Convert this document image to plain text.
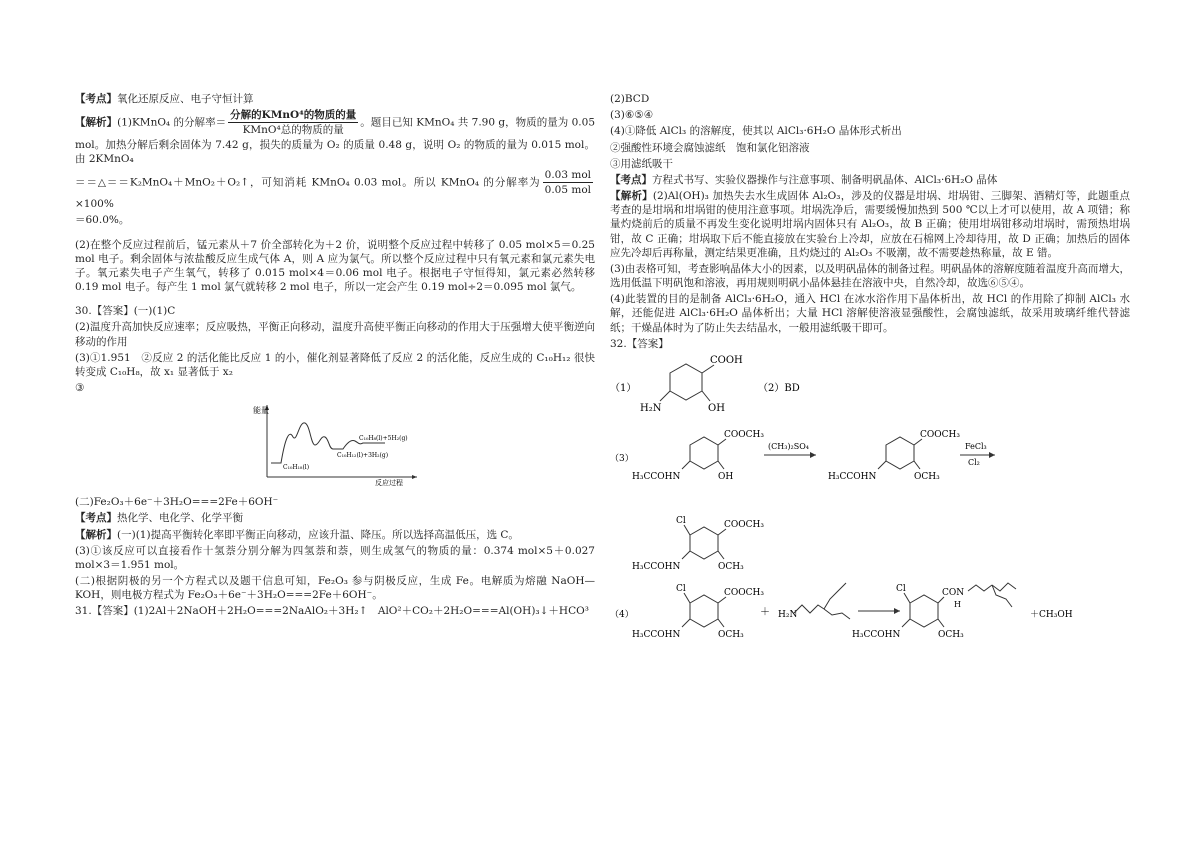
【考点】氧化还原反应、电子守恒计算

【解析】(1)KMnO₄ 的分解率＝ $\frac{\text{分解的KMnO⁴的物质的量}}{\text{KMnO⁴总的物质的量}}$ 。题目已知 KMnO₄ 共 7.90 g，物质的量为 0.05 mol。加热分解后剩余固体为 7.42 g，损失的质量为 O₂ 的质量 0.48 g，说明 O₂ 的物质的量为 0.015 mol。由 2KMnO₄

＝＝△＝＝K₂MnO₄＋MnO₂＋O₂↑，可知消耗 KMnO₄ 0.03 mol。所以 KMnO₄ 的分解率为 $\frac{\text{0.03 mol}}{\text{0.05 mol}}$
×100%

＝60.0%。

(2)在整个反应过程前后，锰元素从＋7 价全部转化为＋2 价，说明整个反应过程中转移了 0.05 mol×5＝0.25 mol 电子。剩余固体与浓盐酸反应生成气体 A，则 A 应为氯气。所以整个反应过程中只有氧元素和氯元素失电子。氧元素失电子产生氧气，转移了 0.015 mol×4＝0.06 mol 电子。根据电子守恒得知，氯元素必然转移 0.19 mol 电子。每产生 1 mol 氯气就转移 2 mol 电子，所以一定会产生 0.19 mol÷2＝0.095 mol 氯气。

30.【答案】(一)(1)C

(2)温度升高加快反应速率；反应吸热，平衡正向移动，温度升高使平衡正向移动的作用大于压强增大使平衡逆向移动的作用

(3)①1.951　②反应 2 的活化能比反应 1 的小，催化剂显著降低了反应 2 的活化能，反应生成的 C₁₀H₁₂ 很快转变成 C₁₀H₈，故 x₁ 显著低于 x₂

③

能量
反应过程
C₁₀H₁₈(l)
C₁₀H₁₂(l)+3H₂(g)
C₁₀H₈(l)+5H₂(g)

(二)Fe₂O₃＋6e⁻＋3H₂O===2Fe＋6OH⁻

【考点】热化学、电化学、化学平衡

【解析】(一)(1)提高平衡转化率即平衡正向移动，应该升温、降压。所以选择高温低压，选 C。

(3)①该反应可以直接看作十氢萘分别分解为四氢萘和萘，则生成氢气的物质的量：0.374 mol×5＋0.027 mol×3＝1.951 mol。

(二)根据阴极的另一个方程式以及题干信息可知，Fe₂O₃ 参与阴极反应，生成 Fe。电解质为熔融 NaOH—KOH，则电极方程式为 Fe₂O₃＋6e⁻＋3H₂O===2Fe＋6OH⁻。

31.【答案】(1)2Al＋2NaOH＋2H₂O===2NaAlO₂＋3H₂↑　AlO²＋CO₂＋2H₂O===Al(OH)₃↓＋HCO³

(2)BCD

(3)⑥⑤④

(4)①降低 AlCl₃ 的溶解度，使其以 AlCl₃·6H₂O 晶体形式析出

②强酸性环境会腐蚀滤纸　饱和氯化铝溶液

③用滤纸吸干

【考点】方程式书写、实验仪器操作与注意事项、制备明矾晶体、AlCl₃·6H₂O 晶体

【解析】(2)Al(OH)₃ 加热失去水生成固体 Al₂O₃，涉及的仪器是坩埚、坩埚钳、三脚架、酒精灯等，此题重点考查的是坩埚和坩埚钳的使用注意事项。坩埚洗净后，需要缓慢加热到 500 ℃以上才可以使用，故 A 项错；称量灼烧前后的质量不再发生变化说明坩埚内固体只有 Al₂O₃，故 B 正确；使用坩埚钳移动坩埚时，需预热坩埚钳，故 C 正确；坩埚取下后不能直接放在实验台上冷却，应放在石棉网上冷却待用，故 D 正确；加热后的固体应先冷却后再称量，测定结果更准确，且灼烧过的 Al₂O₃ 不吸潮，故不需要趁热称量，故 E 错。

(3)由表格可知，考查影响晶体大小的因素，以及明矾晶体的制备过程。明矾晶体的溶解度随着温度升高而增大，选用低温下明矾饱和溶液，再用规则明矾小晶体悬挂在溶液中央，自然冷却，故选⑥⑤④。

(4)此装置的目的是制备 AlCl₃·6H₂O，通入 HCl 在冰水浴作用下晶体析出，故 HCl 的作用除了抑制 AlCl₃ 水解，还能促进 AlCl₃·6H₂O 晶体析出；大量 HCl 溶解使溶液显强酸性，会腐蚀滤纸，故采用玻璃纤维代替滤纸；干燥晶体时为了防止失去结晶水，一般用滤纸吸干即可。

32.【答案】

（1）
COOH
OH
H₂N
（2）BD
（3）
COOCH₃
OH
H₃CCOHN
(CH₃)₂SO₄
COOCH₃
OCH₃
H₃CCOHN
FeCl₃
Cl₂
Cl	COOCH₃
OCH₃
H₃CCOHN

（4）
Cl	COOCH₃
OCH₃
H₃CCOHN
＋ H₂N
Cl	CON
H
OCH₃
H₃CCOHN
＋CH₃OH
